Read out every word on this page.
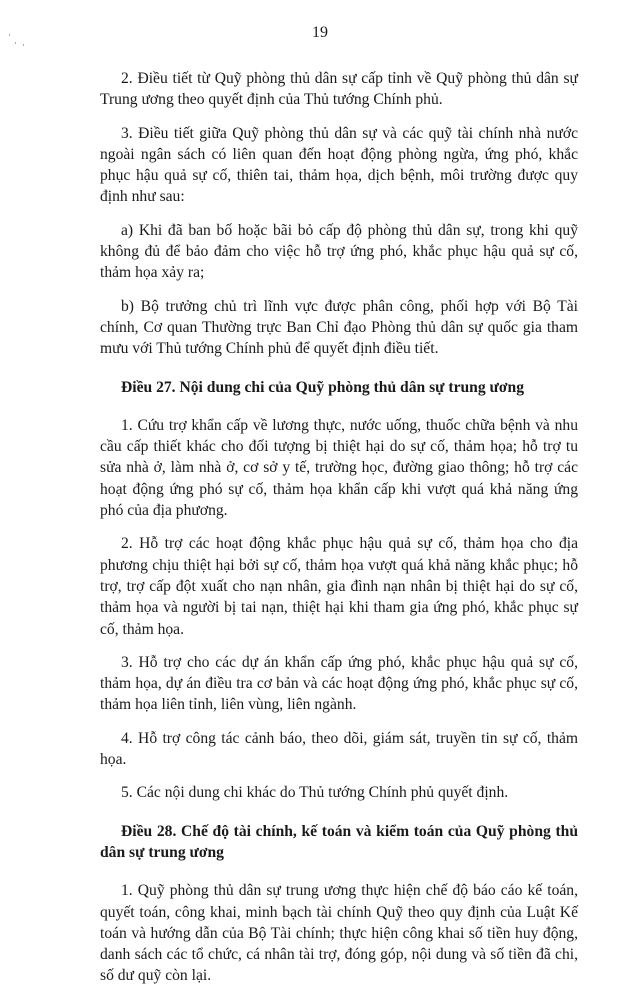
·
· ·
19

2. Điều tiết từ Quỹ phòng thủ dân sự cấp tỉnh về Quỹ phòng thủ dân sự Trung ương theo quyết định của Thủ tướng Chính phủ.

3. Điều tiết giữa Quỹ phòng thủ dân sự và các quỹ tài chính nhà nước ngoài ngân sách có liên quan đến hoạt động phòng ngừa, ứng phó, khắc phục hậu quả sự cố, thiên tai, thảm họa, dịch bệnh, môi trường được quy định như sau:

a) Khi đã ban bố hoặc bãi bỏ cấp độ phòng thủ dân sự, trong khi quỹ không đủ để bảo đảm cho việc hỗ trợ ứng phó, khắc phục hậu quả sự cố, thảm họa xảy ra;

b) Bộ trưởng chủ trì lĩnh vực được phân công, phối hợp với Bộ Tài chính, Cơ quan Thường trực Ban Chỉ đạo Phòng thủ dân sự quốc gia tham mưu với Thủ tướng Chính phủ để quyết định điều tiết.

Điều 27. Nội dung chi của Quỹ phòng thủ dân sự trung ương

1. Cứu trợ khẩn cấp về lương thực, nước uống, thuốc chữa bệnh và nhu cầu cấp thiết khác cho đối tượng bị thiệt hại do sự cố, thảm họa; hỗ trợ tu sửa nhà ở, làm nhà ở, cơ sở y tế, trường học, đường giao thông; hỗ trợ các hoạt động ứng phó sự cố, thảm họa khẩn cấp khi vượt quá khả năng ứng phó của địa phương.

2. Hỗ trợ các hoạt động khắc phục hậu quả sự cố, thảm họa cho địa phương chịu thiệt hại bởi sự cố, thảm họa vượt quá khả năng khắc phục; hỗ trợ, trợ cấp đột xuất cho nạn nhân, gia đình nạn nhân bị thiệt hại do sự cố, thảm họa và người bị tai nạn, thiệt hại khi tham gia ứng phó, khắc phục sự cố, thảm họa.

3. Hỗ trợ cho các dự án khẩn cấp ứng phó, khắc phục hậu quả sự cố, thảm họa, dự án điều tra cơ bản và các hoạt động ứng phó, khắc phục sự cố, thảm họa liên tỉnh, liên vùng, liên ngành.

4. Hỗ trợ công tác cảnh báo, theo dõi, giám sát, truyền tin sự cố, thảm họa.

5. Các nội dung chi khác do Thủ tướng Chính phủ quyết định.

Điều 28. Chế độ tài chính, kế toán và kiểm toán của Quỹ phòng thủ dân sự trung ương

1. Quỹ phòng thủ dân sự trung ương thực hiện chế độ báo cáo kế toán, quyết toán, công khai, minh bạch tài chính Quỹ theo quy định của Luật Kế toán và hướng dẫn của Bộ Tài chính; thực hiện công khai số tiền huy động, danh sách các tổ chức, cá nhân tài trợ, đóng góp, nội dung và số tiền đã chi, số dư quỹ còn lại.
